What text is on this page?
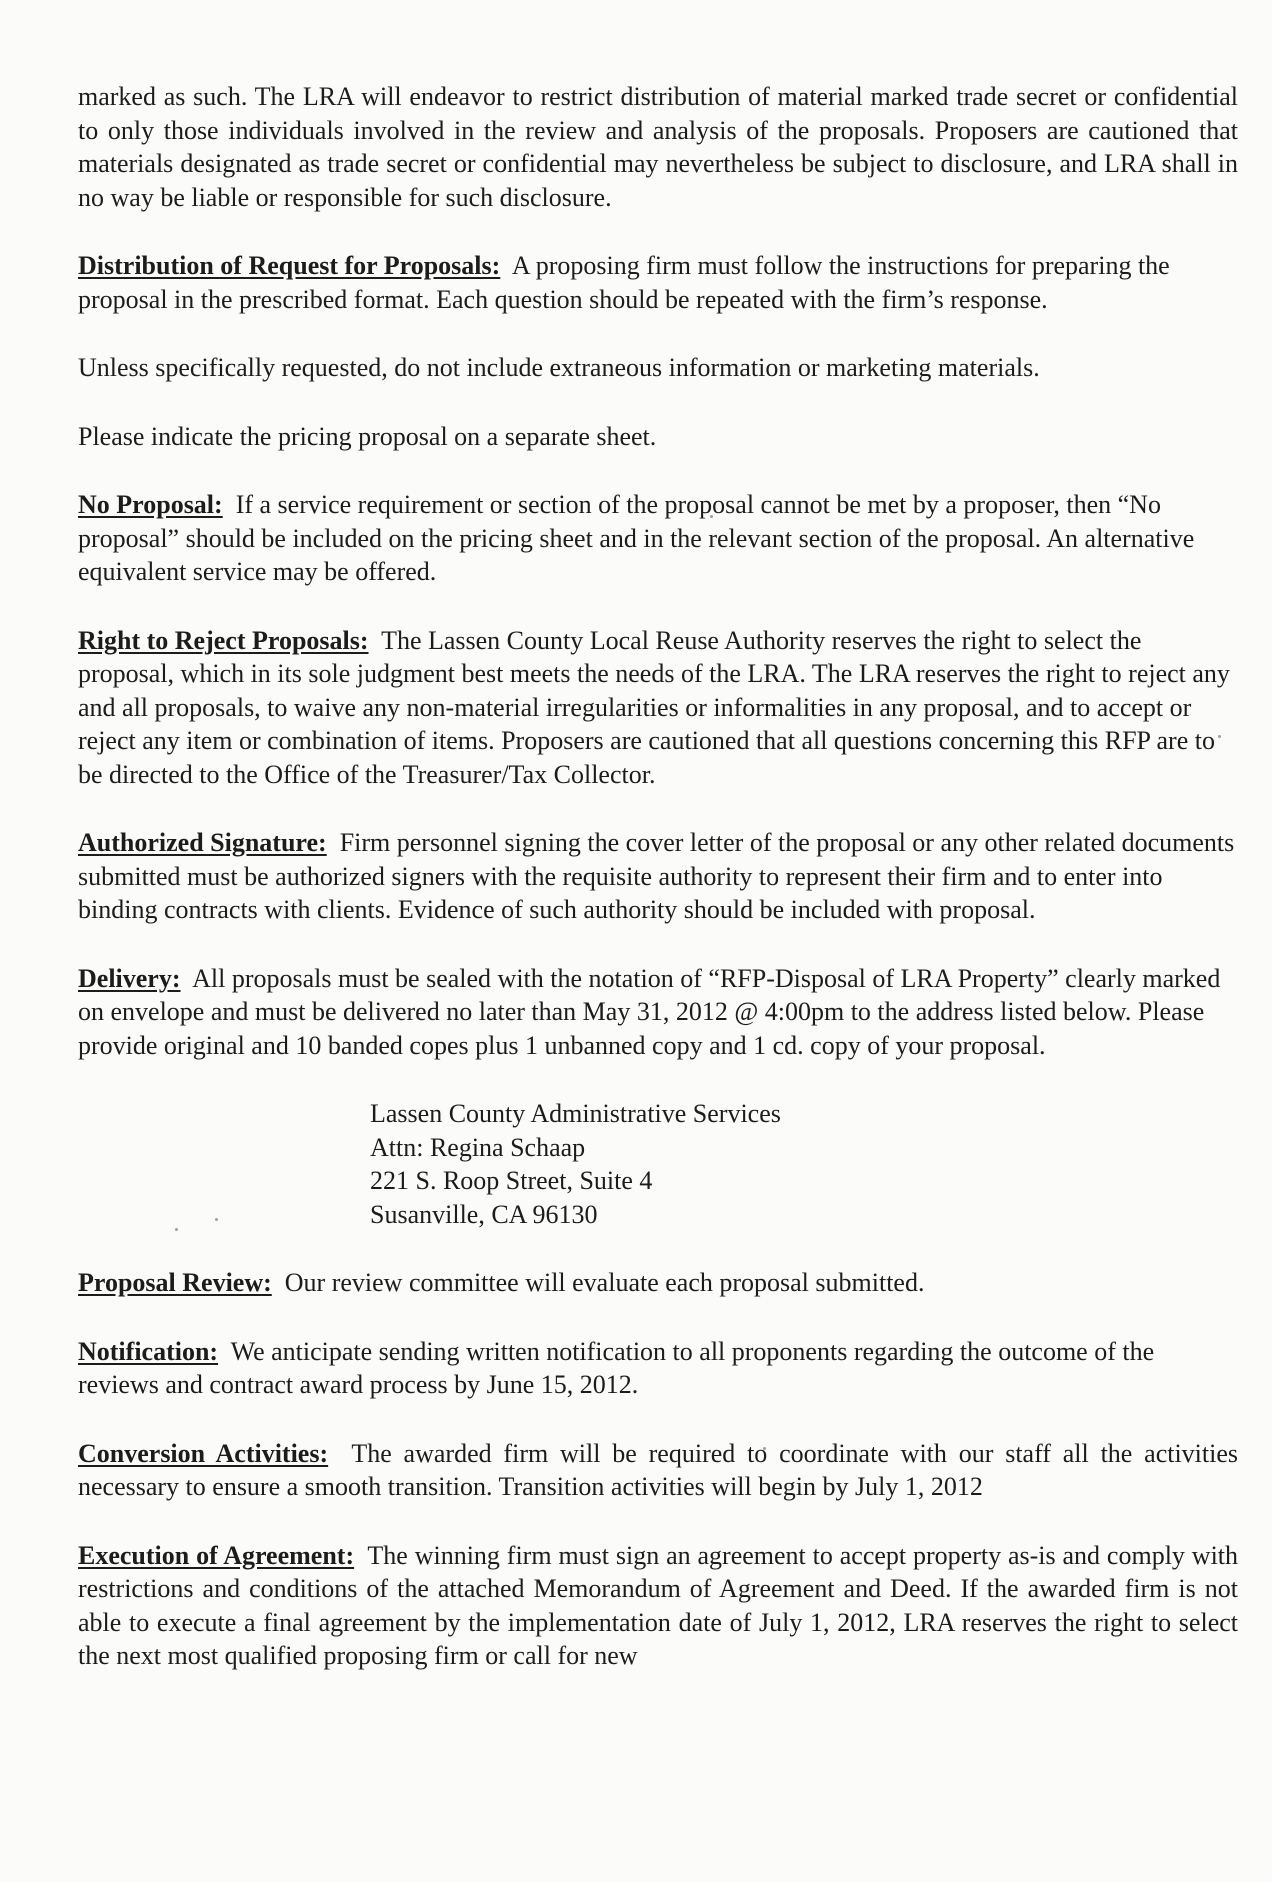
marked as such. The LRA will endeavor to restrict distribution of material marked trade secret or confidential to only those individuals involved in the review and analysis of the proposals. Proposers are cautioned that materials designated as trade secret or confidential may nevertheless be subject to disclosure, and LRA shall in no way be liable or responsible for such disclosure.

Distribution of Request for Proposals: A proposing firm must follow the instructions for preparing the proposal in the prescribed format. Each question should be repeated with the firm’s response.

Unless specifically requested, do not include extraneous information or marketing materials.

Please indicate the pricing proposal on a separate sheet.

No Proposal: If a service requirement or section of the proposal cannot be met by a proposer, then “No proposal” should be included on the pricing sheet and in the relevant section of the proposal. An alternative equivalent service may be offered.

Right to Reject Proposals: The Lassen County Local Reuse Authority reserves the right to select the proposal, which in its sole judgment best meets the needs of the LRA. The LRA reserves the right to reject any and all proposals, to waive any non-material irregularities or informalities in any proposal, and to accept or reject any item or combination of items. Proposers are cautioned that all questions concerning this RFP are to be directed to the Office of the Treasurer/Tax Collector.

Authorized Signature: Firm personnel signing the cover letter of the proposal or any other related documents submitted must be authorized signers with the requisite authority to represent their firm and to enter into binding contracts with clients. Evidence of such authority should be included with proposal.

Delivery: All proposals must be sealed with the notation of “RFP-Disposal of LRA Property” clearly marked on envelope and must be delivered no later than May 31, 2012 @ 4:00pm to the address listed below. Please provide original and 10 banded copes plus 1 unbanned copy and 1 cd. copy of your proposal.

Lassen County Administrative Services
Attn: Regina Schaap
221 S. Roop Street, Suite 4
Susanville, CA 96130

Proposal Review: Our review committee will evaluate each proposal submitted.

Notification: We anticipate sending written notification to all proponents regarding the outcome of the reviews and contract award process by June 15, 2012.

Conversion Activities: The awarded firm will be required to coordinate with our staff all the activities necessary to ensure a smooth transition. Transition activities will begin by July 1, 2012

Execution of Agreement: The winning firm must sign an agreement to accept property as-is and comply with restrictions and conditions of the attached Memorandum of Agreement and Deed. If the awarded firm is not able to execute a final agreement by the implementation date of July 1, 2012, LRA reserves the right to select the next most qualified proposing firm or call for new
